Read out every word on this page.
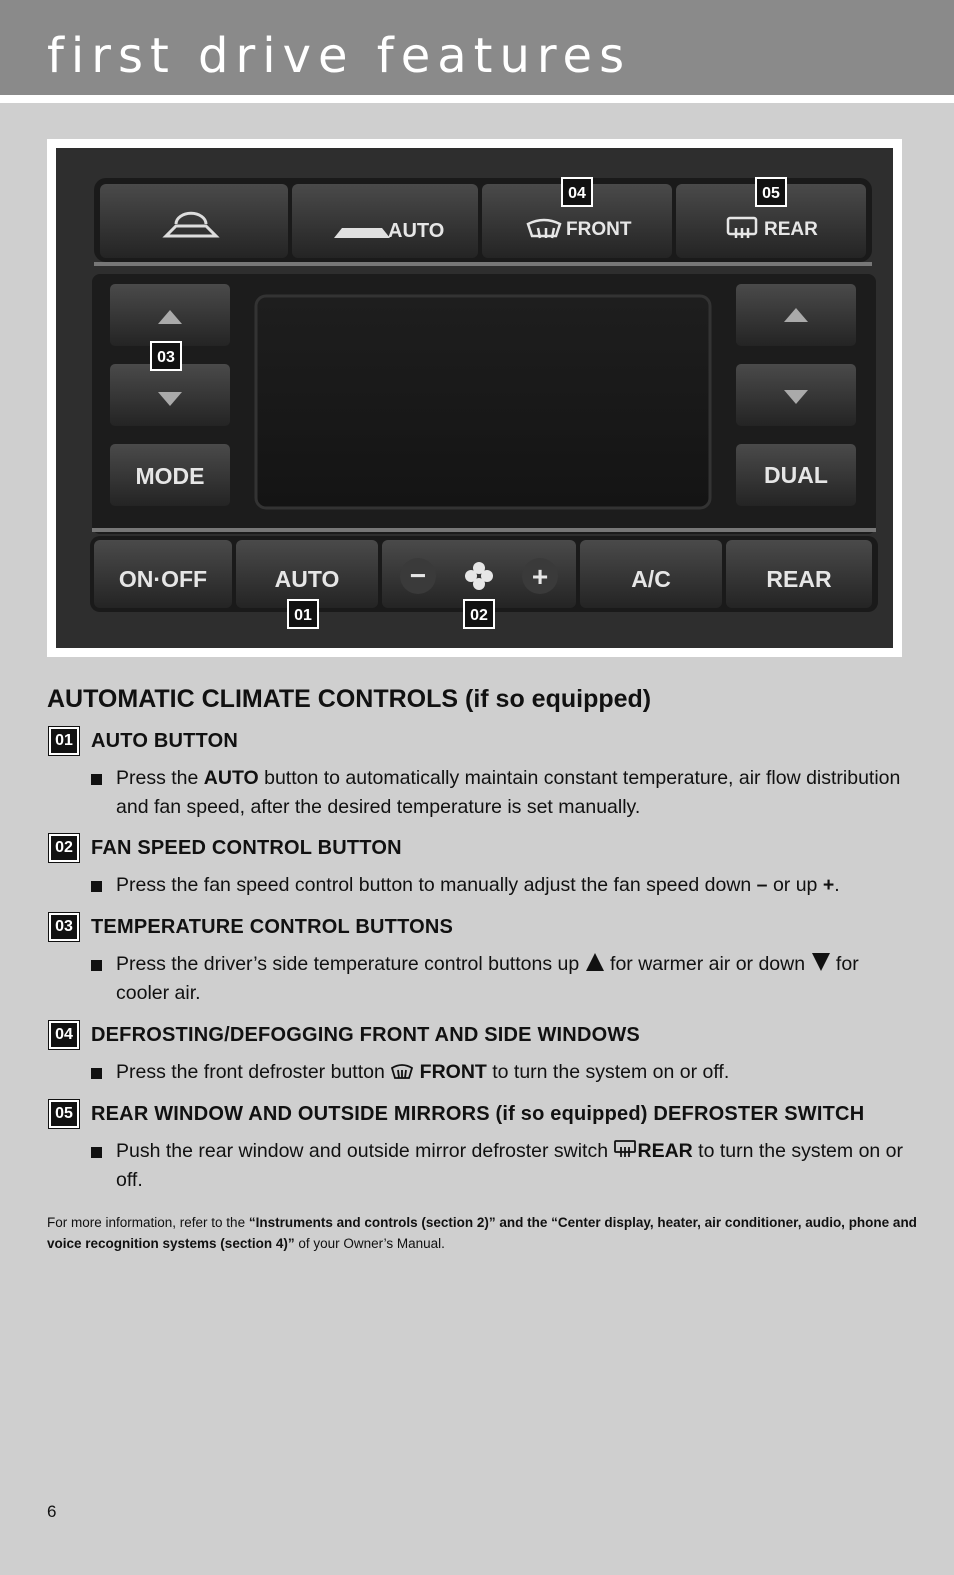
first drive features
AUTO	FRONT	REAR
MODE	DUAL
ON·OFF	AUTO	−	+	A/C	REAR
04	05
03
01	02
AUTOMATIC CLIMATE CONTROLS (if so equipped)
01 AUTO BUTTON
Press the AUTO button to automatically maintain constant temperature, air flow distribution and fan speed, after the desired temperature is set manually.
02 FAN SPEED CONTROL BUTTON
Press the fan speed control button to manually adjust the fan speed down – or up +.
03 TEMPERATURE CONTROL BUTTONS
Press the driver’s side temperature control buttons up  for warmer air or down  for cooler air.
04 DEFROSTING/DEFOGGING FRONT AND SIDE WINDOWS
Press the front defroster button  FRONT to turn the system on or off.
05 REAR WINDOW AND OUTSIDE MIRRORS (if so equipped) DEFROSTER SWITCH
Push the rear window and outside mirror defroster switch REAR to turn the system on or off.
For more information, refer to the “Instruments and controls (section 2)” and the “Center display, heater, air conditioner, audio, phone and voice recognition systems (section 4)” of your Owner’s Manual.
6
